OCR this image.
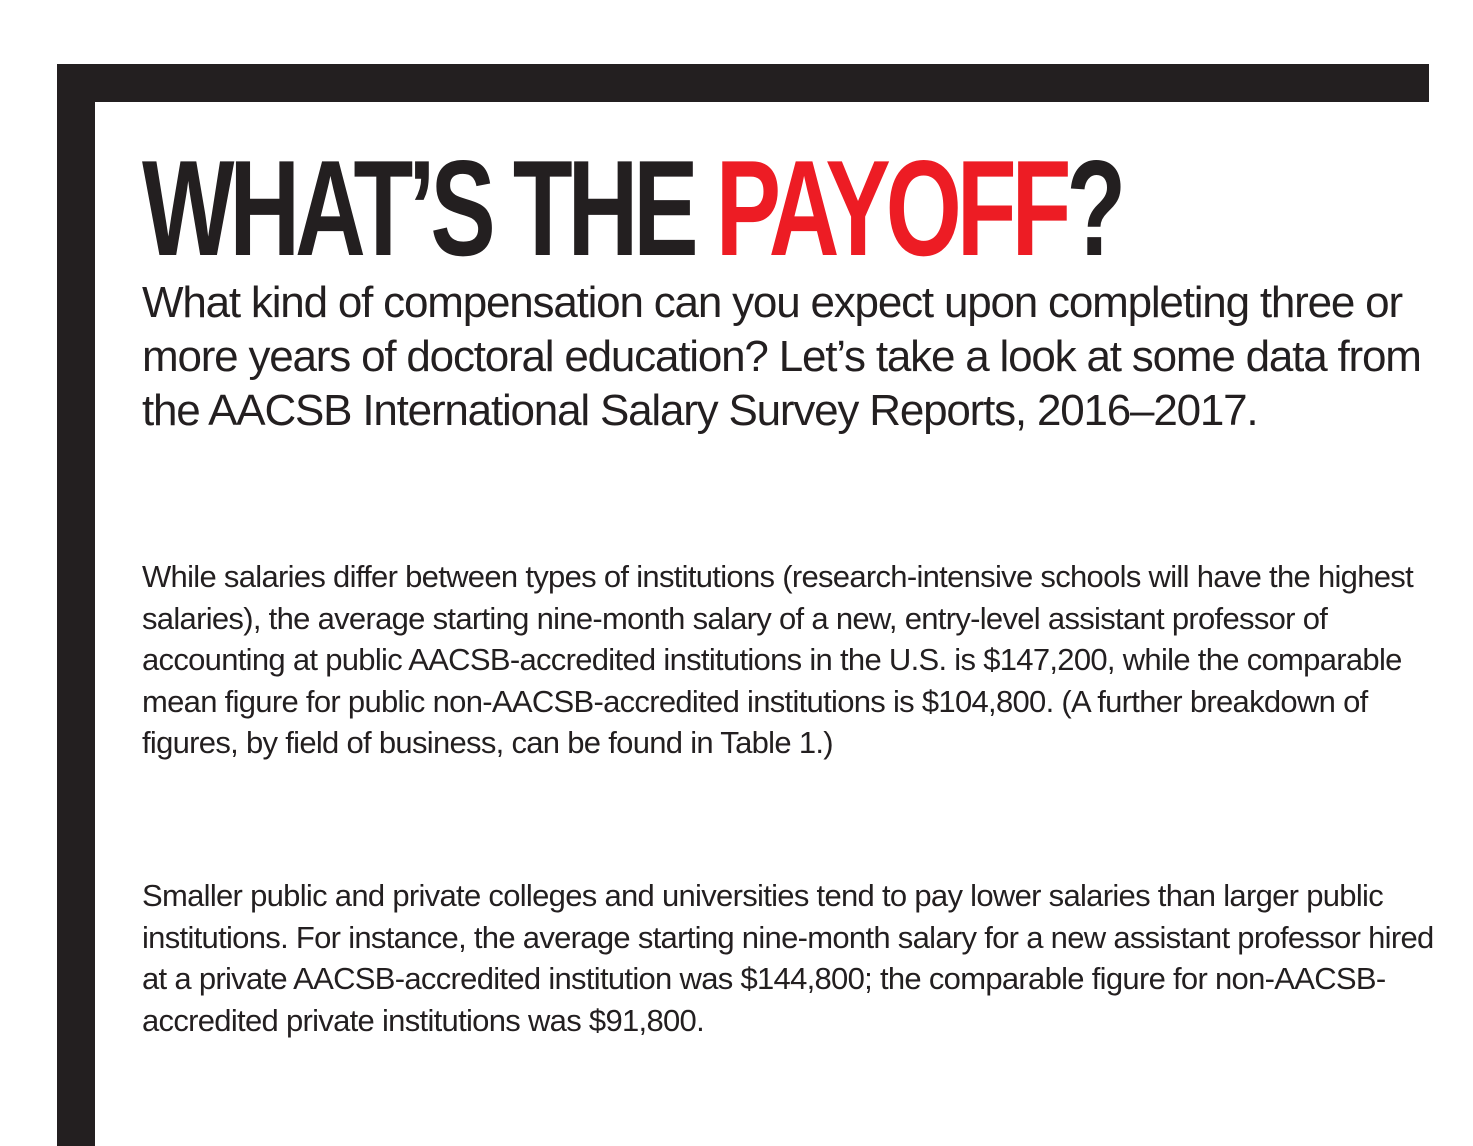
WHAT’S THE PAYOFF?

What kind of compensation can you expect upon completing three or more years of doctoral education? Let’s take a look at some data from the AACSB International Salary Survey Reports, 2016–2017.

While salaries differ between types of institutions (research-intensive schools will have the highest salaries), the average starting nine-month salary of a new, entry-level assistant professor of accounting at public AACSB-accredited institutions in the U.S. is $147,200, while the comparable mean figure for public non-AACSB-accredited institutions is $104,800. (A further breakdown of figures, by field of business, can be found in Table 1.)

Smaller public and private colleges and universities tend to pay lower salaries than larger public institutions. For instance, the average starting nine-month salary for a new assistant professor hired at a private AACSB-accredited institution was $144,800; the comparable figure for non-AACSB-accredited private institutions was $91,800.
